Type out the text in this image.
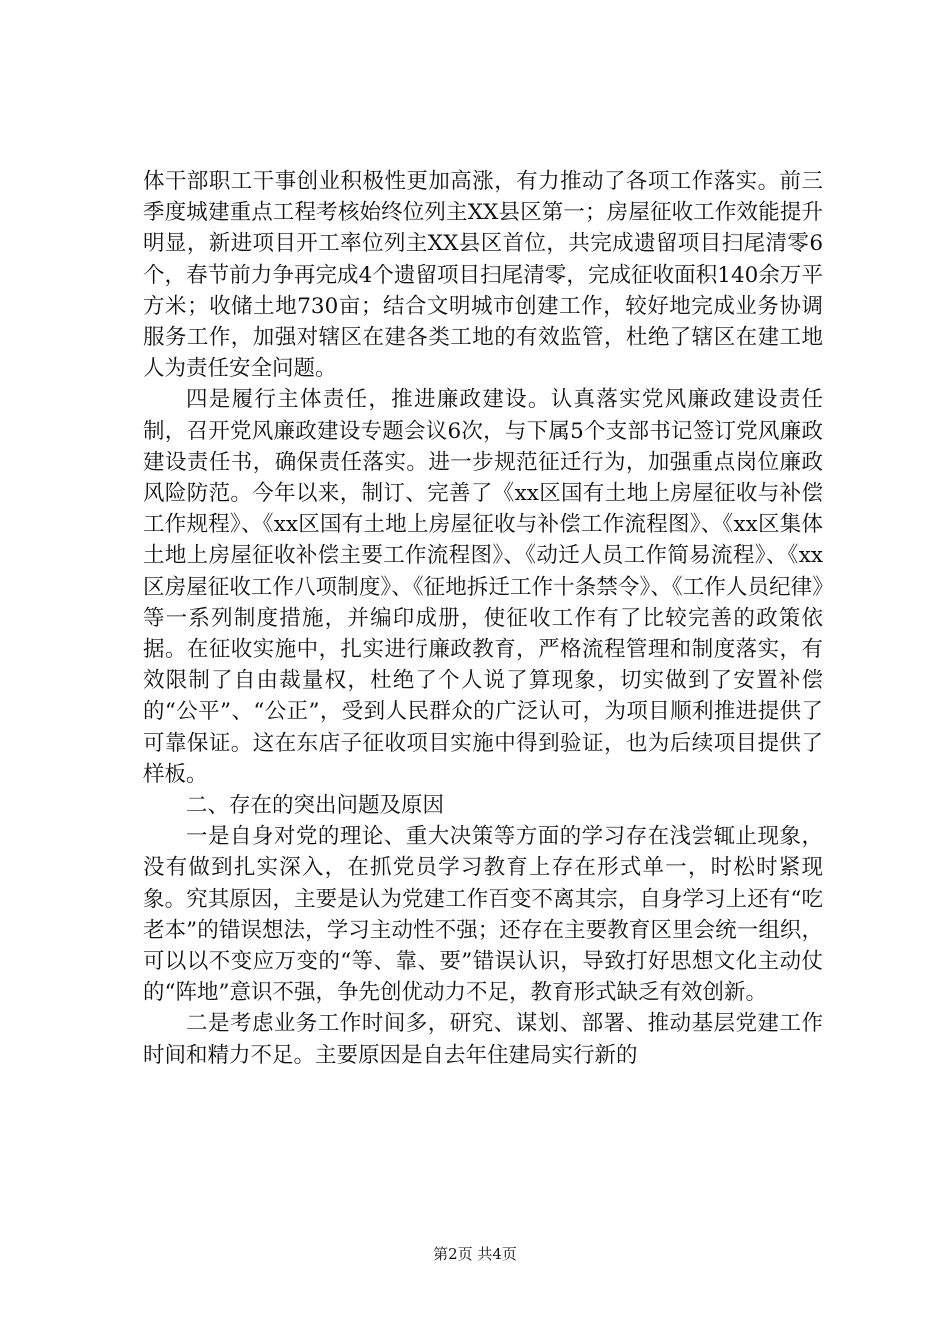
体干部职工干事创业积极性更加高涨，有力推动了各项工作落实。前三季度城建重点工程考核始终位列主XX县区第一；房屋征收工作效能提升明显，新进项目开工率位列主XX县区首位，共完成遗留项目扫尾清零6个，春节前力争再完成4个遗留项目扫尾清零，完成征收面积140余万平方米；收储土地730亩；结合文明城市创建工作，较好地完成业务协调服务工作，加强对辖区在建各类工地的有效监管，杜绝了辖区在建工地人为责任安全问题。

四是履行主体责任，推进廉政建设。认真落实党风廉政建设责任制，召开党风廉政建设专题会议6次，与下属5个支部书记签订党风廉政建设责任书，确保责任落实。进一步规范征迁行为，加强重点岗位廉政风险防范。今年以来，制订、完善了《xx区国有土地上房屋征收与补偿工作规程》、《xx区国有土地上房屋征收与补偿工作流程图》、《xx区集体土地上房屋征收补偿主要工作流程图》、《动迁人员工作简易流程》、《xx区房屋征收工作八项制度》、《征地拆迁工作十条禁令》、《工作人员纪律》等一系列制度措施，并编印成册，使征收工作有了比较完善的政策依据。在征收实施中，扎实进行廉政教育，严格流程管理和制度落实，有效限制了自由裁量权，杜绝了个人说了算现象，切实做到了安置补偿的“公平”、“公正”，受到人民群众的广泛认可，为项目顺利推进提供了可靠保证。这在东店子征收项目实施中得到验证，也为后续项目提供了样板。

二、存在的突出问题及原因

一是自身对党的理论、重大决策等方面的学习存在浅尝辄止现象，没有做到扎实深入，在抓党员学习教育上存在形式单一，时松时紧现象。究其原因，主要是认为党建工作百变不离其宗，自身学习上还有“吃老本”的错误想法，学习主动性不强；还存在主要教育区里会统一组织，可以以不变应万变的“等、靠、要”错误认识，导致打好思想文化主动仗的“阵地”意识不强，争先创优动力不足，教育形式缺乏有效创新。

二是考虑业务工作时间多，研究、谋划、部署、推动基层党建工作时间和精力不足。主要原因是自去年住建局实行新的

第2页 共4页
